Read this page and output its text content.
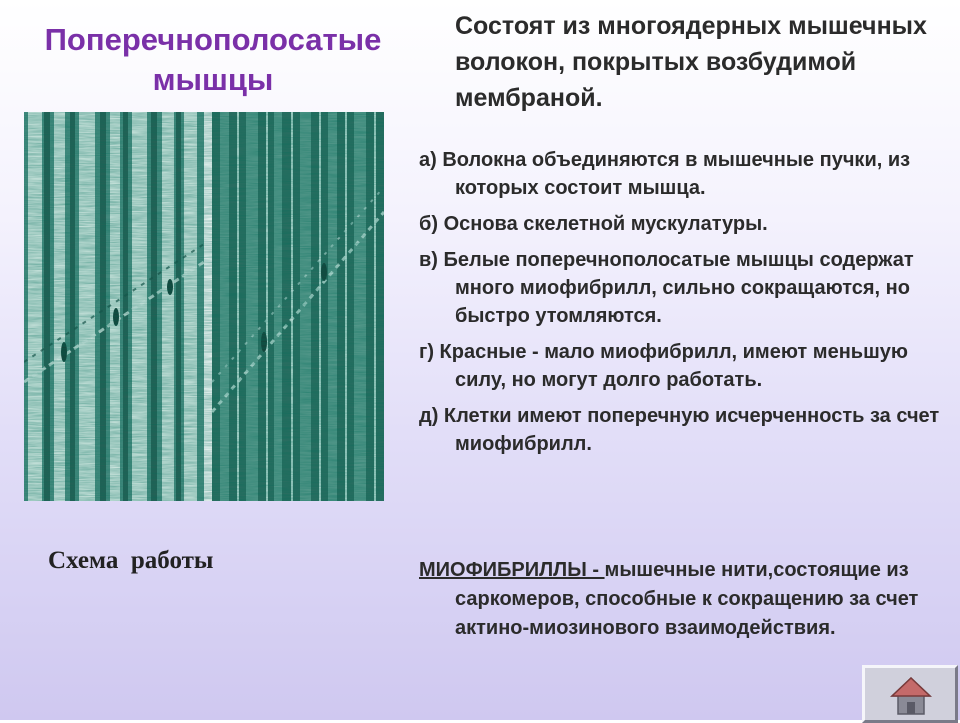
Поперечнополосатые
мышцы

Схема  работы

Состоят из многоядерных мышечных волокон, покрытых возбудимой мембраной.

а) Волокна объединяются в мышечные пучки, из которых состоит мышца.
б) Основа скелетной мускулатуры.
в) Белые поперечнополосатые мышцы содержат много миофибрилл, сильно сокращаются, но быстро утомляются.
г) Красные - мало миофибрилл, имеют меньшую силу, но могут долго работать.
д) Клетки имеют поперечную исчерченность за счет миофибрилл.

МИОФИБРИЛЛЫ - мышечные нити,состоящие из саркомеров, способные к сокращению за счет актино-миозинового взаимодействия.
